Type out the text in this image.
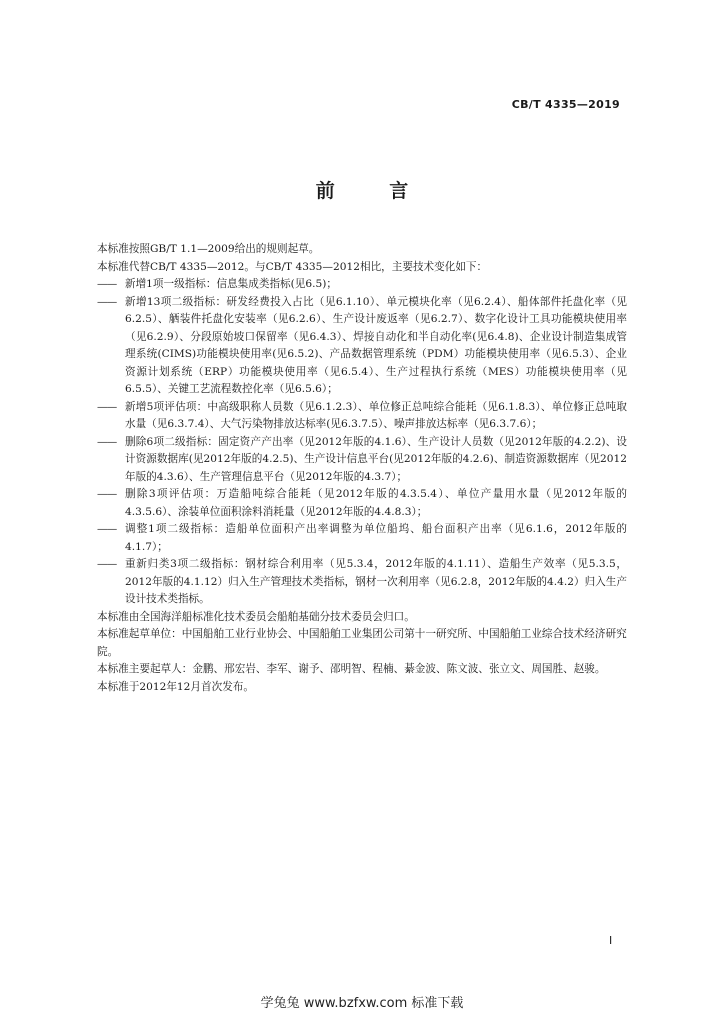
CB/T 4335—2019
前 言

本标准按照GB/T 1.1—2009给出的规则起草。

本标准代替CB/T 4335—2012。与CB/T 4335—2012相比，主要技术变化如下：

—— 新增1项一级指标：信息集成类指标(见6.5)；
—— 新增13项二级指标：研发经费投入占比（见6.1.10）、单元模块化率（见6.2.4）、船体部件托盘化率（见6.2.5）、舾装件托盘化安装率（见6.2.6）、生产设计废返率（见6.2.7）、数字化设计工具功能模块使用率（见6.2.9）、分段原始坡口保留率（见6.4.3）、焊接自动化和半自动化率(见6.4.8)、企业设计制造集成管理系统(CIMS)功能模块使用率(见6.5.2)、产品数据管理系统（PDM）功能模块使用率（见6.5.3）、企业资源计划系统（ERP）功能模块使用率（见6.5.4）、生产过程执行系统（MES）功能模块使用率（见6.5.5）、关键工艺流程数控化率（见6.5.6）；
—— 新增5项评估项：中高级职称人员数（见6.1.2.3）、单位修正总吨综合能耗（见6.1.8.3）、单位修正总吨取水量（见6.3.7.4）、大气污染物排放达标率(见6.3.7.5）、噪声排放达标率（见6.3.7.6）；
—— 删除6项二级指标：固定资产产出率（见2012年版的4.1.6）、生产设计人员数（见2012年版的4.2.2)、设计资源数据库(见2012年版的4.2.5)、生产设计信息平台(见2012年版的4.2.6)、制造资源数据库（见2012年版的4.3.6）、生产管理信息平台（见2012年版的4.3.7）；
—— 删除3项评估项：万造船吨综合能耗（见2012年版的4.3.5.4）、单位产量用水量（见2012年版的4.3.5.6）、涂装单位面积涂料消耗量（见2012年版的4.4.8.3）；
—— 调整1项二级指标：造船单位面积产出率调整为单位船坞、船台面积产出率（见6.1.6，2012年版的4.1.7）；
—— 重新归类3项二级指标：钢材综合利用率（见5.3.4，2012年版的4.1.11）、造船生产效率（见5.3.5，2012年版的4.1.12）归入生产管理技术类指标，钢材一次利用率（见6.2.8，2012年版的4.4.2）归入生产设计技术类指标。

本标准由全国海洋船标准化技术委员会船舶基础分技术委员会归口。

本标准起草单位：中国船舶工业行业协会、中国船舶工业集团公司第十一研究所、中国船舶工业综合技术经济研究院。

本标准主要起草人：金鹏、邢宏岩、李军、谢予、邵明智、程楠、綦金波、陈文波、张立文、周国胜、赵骏。

本标准于2012年12月首次发布。

I
学兔兔 www.bzfxw.com 标准下载
